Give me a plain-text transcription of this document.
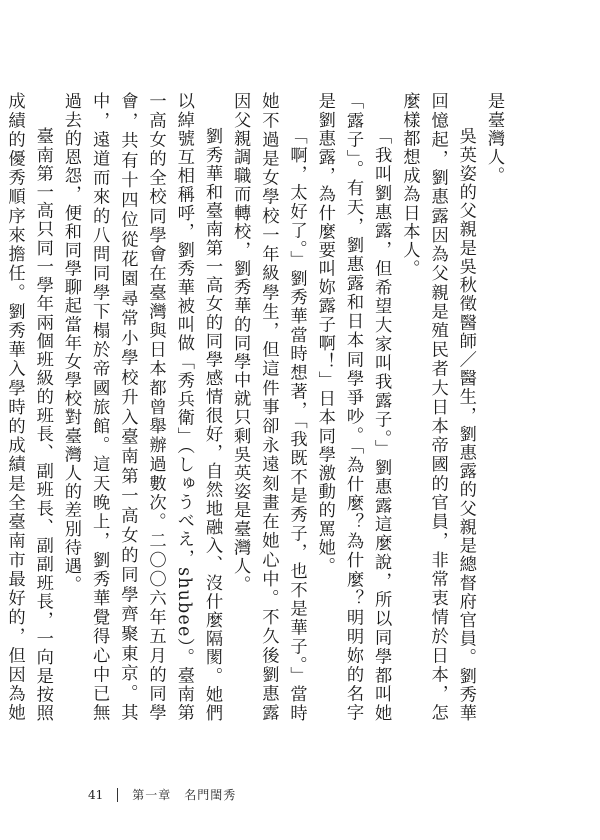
是臺灣人。

吳英姿的父親是吳秋徵醫師／醫生，劉惠露的父親是總督府官員。劉秀華回憶起，劉惠露因為父親是殖民者大日本帝國的官員，非常衷情於日本，怎麼樣都想成為日本人。

「我叫劉惠露，但希望大家叫我露子。」劉惠露這麼說，所以同學都叫她「露子」。有天，劉惠露和日本同學爭吵。「為什麼？為什麼？明明妳的名字是劉惠露，為什麼要叫妳露子啊！」日本同學激動的罵她。

「啊，太好了。」劉秀華當時想著，「我既不是秀子，也不是華子。」當時她不過是女學校一年級學生，但這件事卻永遠刻畫在她心中。不久後劉惠露因父親調職而轉校，劉秀華的同學中就只剩吳英姿是臺灣人。

劉秀華和臺南第一高女的同學感情很好，自然地融入、沒什麼隔閡。她們以綽號互相稱呼，劉秀華被叫做「秀兵衛」（しゅうべえ，shubee）。臺南第一高女的全校同學會在臺灣與日本都曾舉辦過數次。二〇〇六年五月的同學會，共有十四位從花園尋常小學校升入臺南第一高女的同學齊聚東京。其中，遠道而來的八問同學下榻於帝國旅館。這天晚上，劉秀華覺得心中已無過去的恩怨，便和同學聊起當年女學校對臺灣人的差別待遇。

臺南第一高只同一學年兩個班級的班長、副班長、副副班長，一向是按照成績的優秀順序來擔任。劉秀華入學時的成績是全臺南市最好的，但因為她

41 第一章　名門閨秀
